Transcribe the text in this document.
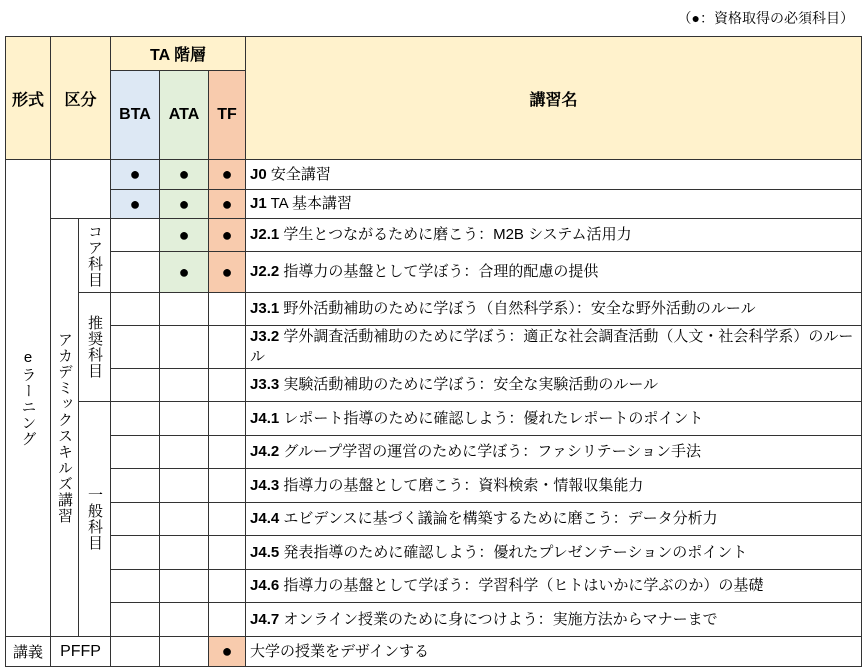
（●：資格取得の必須科目）
形式	区分		TA 階層			講習名
			BTA	ATA	TF	

eラーニング			●	●	●	J0 安全講習
			●	●	●	J1 TA 基本講習

	アカデミックスキルズ講習	コア科目		●	●	J2.1 学生とつながるために磨こう：M2B システム活用力
				●	●	J2.2 指導力の基盤として学ぼう：合理的配慮の提供

		推奨科目				J3.1 野外活動補助のために学ぼう（自然科学系）：安全な野外活動のルール
						J3.2 学外調査活動補助のために学ぼう：適正な社会調査活動（人文・社会科学系）のルール
						J3.3 実験活動補助のために学ぼう：安全な実験活動のルール

		一般科目				J4.1 レポート指導のために確認しよう：優れたレポートのポイント
						J4.2 グループ学習の運営のために学ぼう：ファシリテーション手法
						J4.3 指導力の基盤として磨こう：資料検索・情報収集能力
						J4.4 エビデンスに基づく議論を構築するために磨こう：データ分析力
						J4.5 発表指導のために確認しよう：優れたプレゼンテーションのポイント
						J4.6 指導力の基盤として学ぼう：学習科学（ヒトはいかに学ぶのか）の基礎
						J4.7 オンライン授業のために身につけよう：実施方法からマナーまで
講義	PFFP				●	大学の授業をデザインする
